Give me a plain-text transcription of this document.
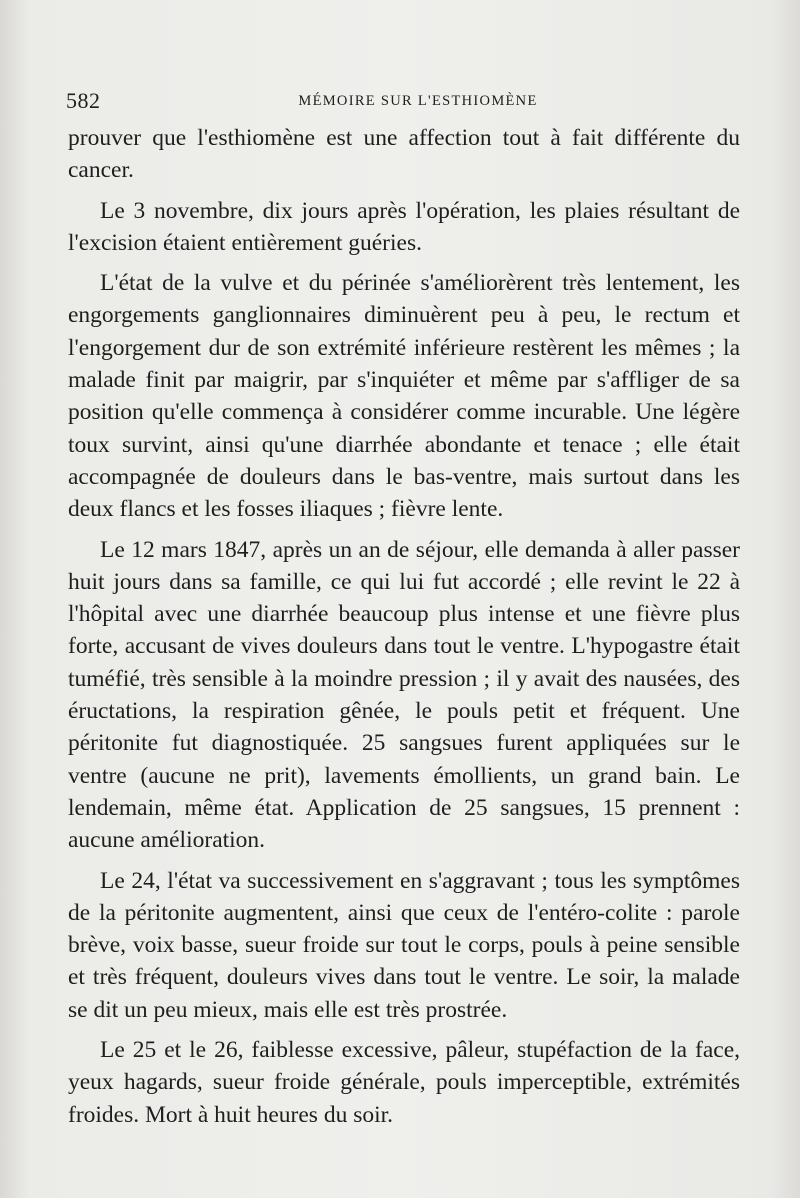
582	MÉMOIRE SUR L'ESTHIOMÈNE

prouver que l'esthiomène est une affection tout à fait différente du cancer.

Le 3 novembre, dix jours après l'opération, les plaies résultant de l'excision étaient entièrement guéries.

L'état de la vulve et du périnée s'améliorèrent très lentement, les engorgements ganglionnaires diminuèrent peu à peu, le rectum et l'engorgement dur de son extrémité inférieure restèrent les mêmes ; la malade finit par maigrir, par s'inquiéter et même par s'affliger de sa position qu'elle commença à considérer comme incurable. Une légère toux survint, ainsi qu'une diarrhée abondante et tenace ; elle était accompagnée de douleurs dans le bas-ventre, mais surtout dans les deux flancs et les fosses iliaques ; fièvre lente.

Le 12 mars 1847, après un an de séjour, elle demanda à aller passer huit jours dans sa famille, ce qui lui fut accordé ; elle revint le 22 à l'hôpital avec une diarrhée beaucoup plus intense et une fièvre plus forte, accusant de vives douleurs dans tout le ventre. L'hypogastre était tuméfié, très sensible à la moindre pression ; il y avait des nausées, des éructations, la respiration gênée, le pouls petit et fréquent. Une péritonite fut diagnostiquée. 25 sangsues furent appliquées sur le ventre (aucune ne prit), lavements émollients, un grand bain. Le lendemain, même état. Application de 25 sangsues, 15 prennent : aucune amélioration.

Le 24, l'état va successivement en s'aggravant ; tous les symptômes de la péritonite augmentent, ainsi que ceux de l'entéro-colite : parole brève, voix basse, sueur froide sur tout le corps, pouls à peine sensible et très fréquent, douleurs vives dans tout le ventre. Le soir, la malade se dit un peu mieux, mais elle est très prostrée.

Le 25 et le 26, faiblesse excessive, pâleur, stupéfaction de la face, yeux hagards, sueur froide générale, pouls imperceptible, extrémités froides. Mort à huit heures du soir.
